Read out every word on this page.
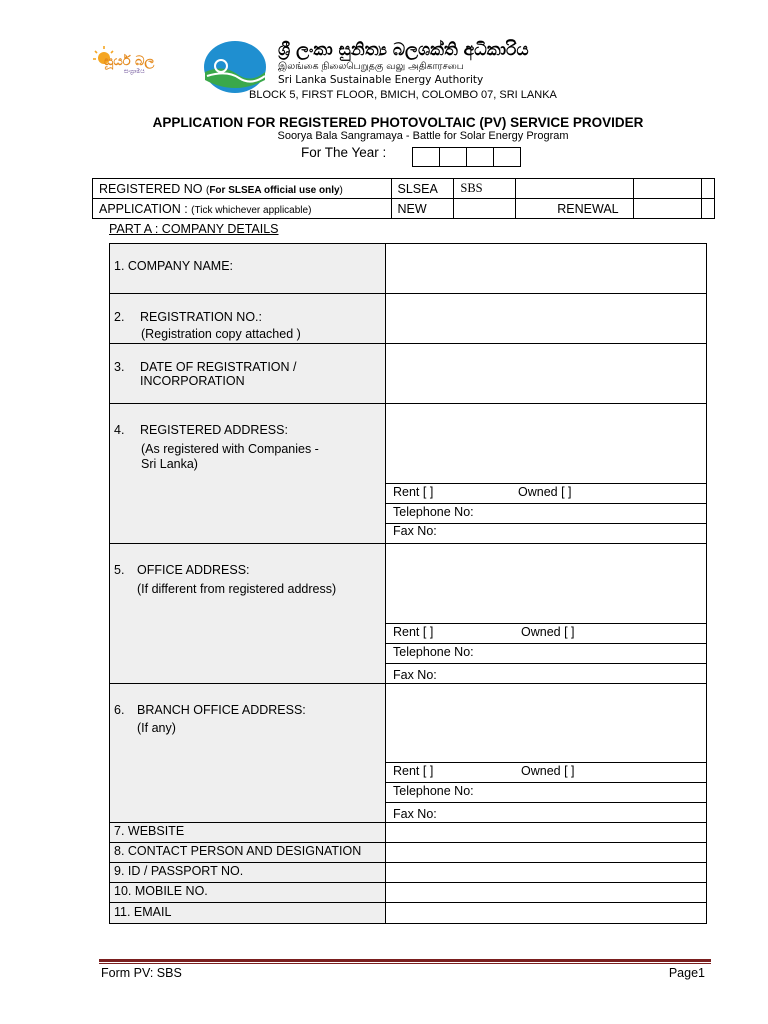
සූර්ය බල
සංග්‍රාමය
ශ්‍රී ලංකා සුනිත්‍ය බලශක්ති අධිකාරිය
இலங்கை நிலைபெறுதகு வலு அதிகாரசபை
Sri Lanka Sustainable Energy Authority
BLOCK 5, FIRST FLOOR, BMICH, COLOMBO 07, SRI LANKA
APPLICATION FOR REGISTERED PHOTOVOLTAIC (PV) SERVICE PROVIDER
Soorya Bala Sangramaya - Battle for Solar Energy Program
For The Year :
REGISTERED NO (For SLSEA official use only)	SLSEA	SBS			
APPLICATION : (Tick whichever applicable)	NEW		RENEWAL		
PART A : COMPANY DETAILS
1. COMPANY NAME:
2. REGISTRATION NO.:
(Registration copy attached )
3. DATE OF REGISTRATION /
INCORPORATION
4. REGISTERED ADDRESS:
(As registered with Companies -
Sri Lanka)
Rent [ ]	Owned [ ]
Telephone No:
Fax No:
5. OFFICE ADDRESS:
(If different from registered address)
Rent [ ]	Owned [ ]
Telephone No:
Fax No:
6. BRANCH OFFICE ADDRESS:
(If any)
Rent [ ]	Owned [ ]
Telephone No:
Fax No:
7. WEBSITE
8. CONTACT PERSON AND DESIGNATION
9. ID / PASSPORT NO.
10. MOBILE NO.
11. EMAIL
Form PV: SBS	Page1
